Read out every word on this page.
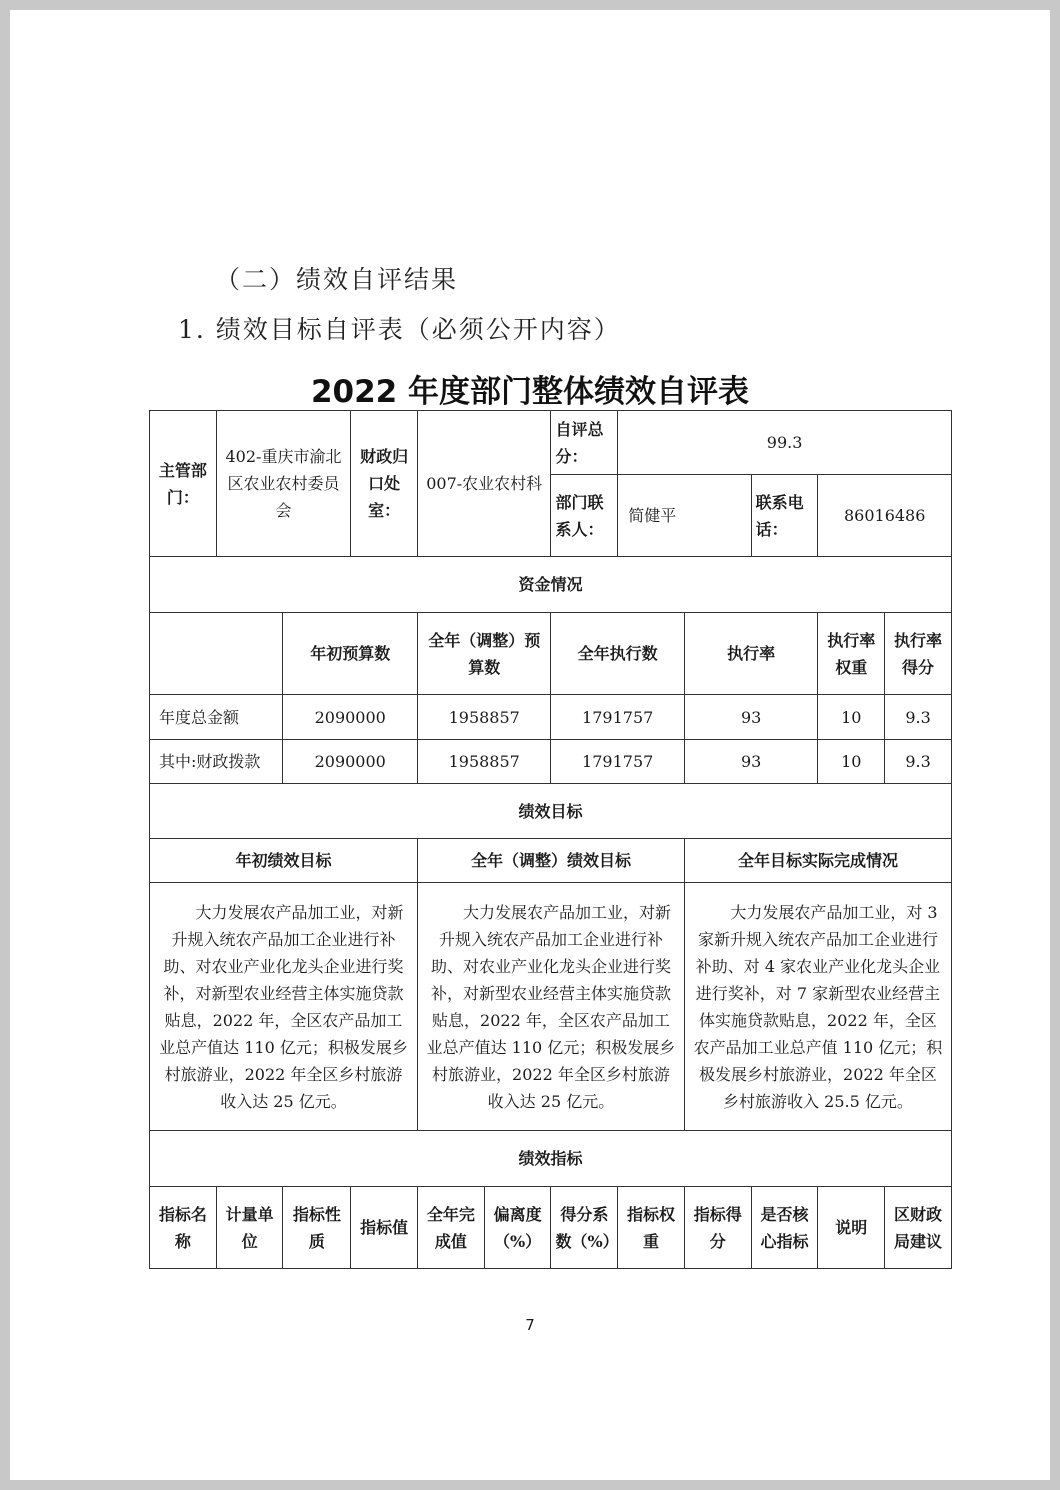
（二）绩效自评结果
1. 绩效目标自评表（必须公开内容）
2022 年度部门整体绩效自评表
主管部门：	402-重庆市渝北区农业农村委员会		财政归口处室：	007-农业农村科		自评总分：	99.3				
						部门联系人：	简健平		联系电话：	86016486	
资金情况											
		年初预算数		全年（调整）预算数		全年执行数		执行率		执行率权重	执行率得分
年度总金额		2090000		1958857		1791757		93		10	9.3
其中:财政拨款		2090000		1958857		1791757		93		10	9.3
绩效目标											
年初绩效目标				全年（调整）绩效目标				全年目标实际完成情况			

大力发展农产品加工业，对新升规入统农产品加工企业进行补助、对农业产业化龙头企业进行奖补，对新型农业经营主体实施贷款贴息，2022 年，全区农产品加工业总产值达 110 亿元；积极发展乡村旅游业，2022 年全区乡村旅游收入达 25 亿元。				大力发展农产品加工业，对新升规入统农产品加工企业进行补助、对农业产业化龙头企业进行奖补，对新型农业经营主体实施贷款贴息，2022 年，全区农产品加工业总产值达 110 亿元；积极发展乡村旅游业，2022 年全区乡村旅游收入达 25 亿元。				大力发展农产品加工业，对 3 家新升规入统农产品加工企业进行补助、对 4 家农业产业化龙头企业进行奖补，对 7 家新型农业经营主体实施贷款贴息，2022 年，全区农产品加工业总产值 110 亿元；积极发展乡村旅游业，2022 年全区乡村旅游收入 25.5 亿元。			

绩效指标											
指标名称	计量单位	指标性质	指标值	全年完成值	偏离度（%）	得分系数（%）	指标权重	指标得分	是否核心指标	说明	区财政局建议
7
